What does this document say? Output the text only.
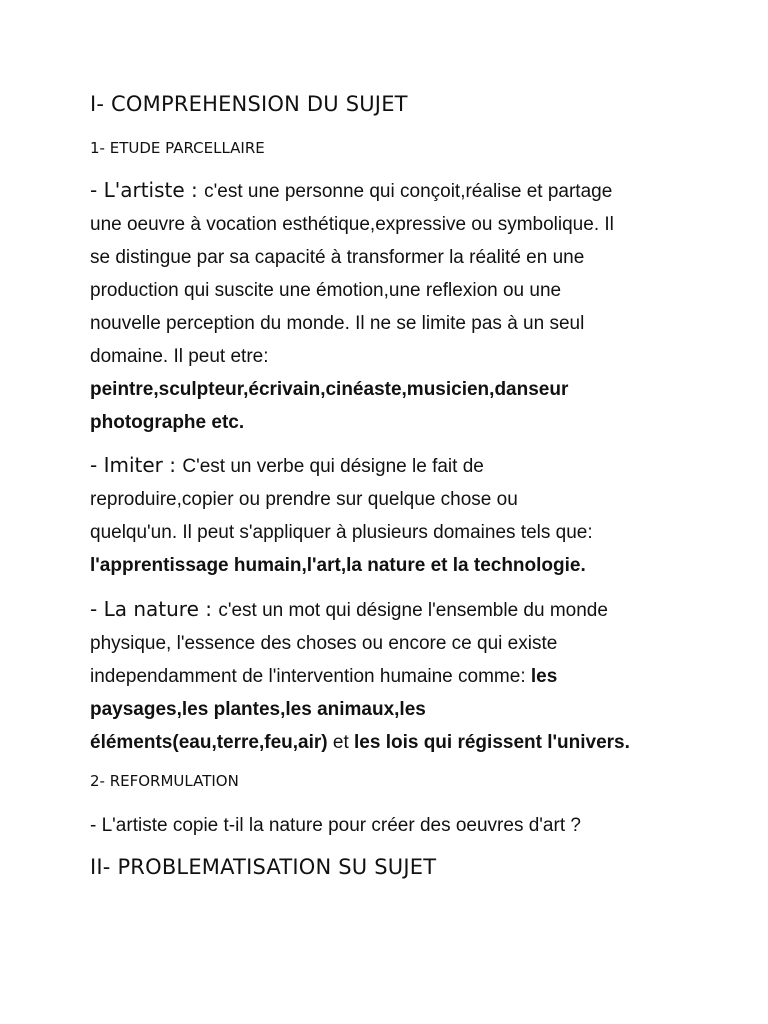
I- COMPREHENSION DU SUJET
1- ETUDE PARCELLAIRE
- L'artiste : c'est une personne qui conçoit,réalise et partage
une oeuvre à vocation esthétique,expressive ou symbolique. Il
se distingue par sa capacité à transformer la réalité en une
production qui suscite une émotion,une reflexion ou une
nouvelle perception du monde. Il ne se limite pas à un seul
domaine. Il peut etre:
peintre,sculpteur,écrivain,cinéaste,musicien,danseur
photographe etc.
- Imiter : C'est un verbe qui désigne le fait de
reproduire,copier ou prendre sur quelque chose ou
quelqu'un. Il peut s'appliquer à plusieurs domaines tels que:
l'apprentissage humain,l'art,la nature et la technologie.
- La nature : c'est un mot qui désigne l'ensemble du monde
physique, l'essence des choses ou encore ce qui existe
independamment de l'intervention humaine comme: les
paysages,les plantes,les animaux,les
éléments(eau,terre,feu,air) et les lois qui régissent l'univers.
2- REFORMULATION
- L'artiste copie t-il la nature pour créer des oeuvres d'art ?
II- PROBLEMATISATION SU SUJET
